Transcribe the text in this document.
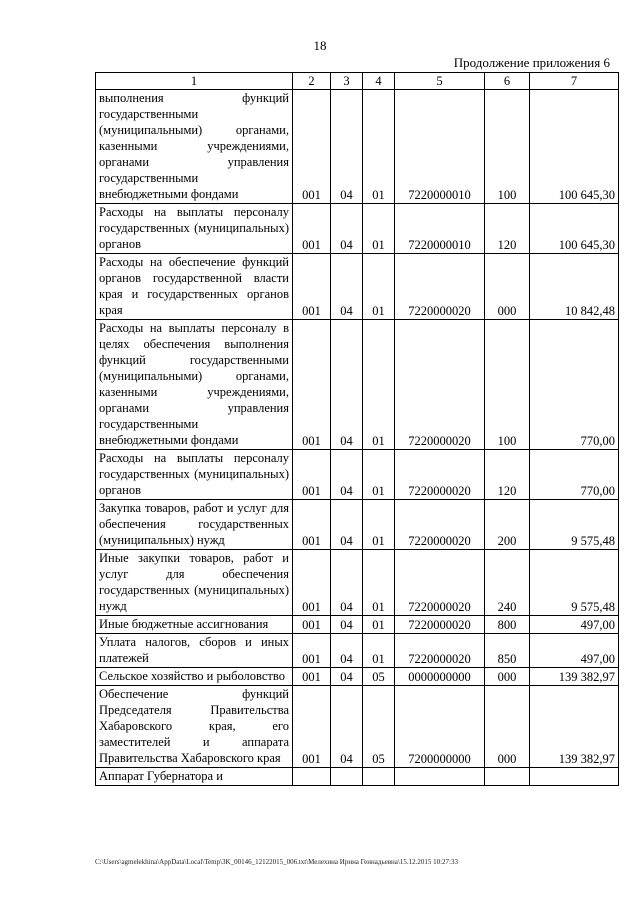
18
Продолжение приложения 6
1	2	3	4	5	6	7
выполнения функций государственными (муниципальными) органами, казенными учреждениями, органами управления государственными внебюджетными фондами	001	04	01	7220000010	100	100 645,30
Расходы на выплаты персоналу государственных (муниципальных) органов	001	04	01	7220000010	120	100 645,30
Расходы на обеспечение функций органов государственной власти края и государственных органов края	001	04	01	7220000020	000	10 842,48
Расходы на выплаты персоналу в целях обеспечения выполнения функций государственными (муниципальными) органами, казенными учреждениями, органами управления государственными внебюджетными фондами	001	04	01	7220000020	100	770,00
Расходы на выплаты персоналу государственных (муниципальных) органов	001	04	01	7220000020	120	770,00
Закупка товаров, работ и услуг для обеспечения государственных (муниципальных) нужд	001	04	01	7220000020	200	9 575,48
Иные закупки товаров, работ и услуг для обеспечения государственных (муниципальных) нужд	001	04	01	7220000020	240	9 575,48
Иные бюджетные ассигнования	001	04	01	7220000020	800	497,00
Уплата налогов, сборов и иных платежей	001	04	01	7220000020	850	497,00
Сельское хозяйство и рыболовство	001	04	05	0000000000	000	139 382,97
Обеспечение функций Председателя Правительства Хабаровского края, его заместителей и аппарата Правительства Хабаровского края	001	04	05	7200000000	000	139 382,97
Аппарат Губернатора и						
C:\Users\agmelekhina\AppData\Local\Temp\3K_00146_12122015_006.txt\Мелехина Ирина Геннадьевна\15.12.2015 10:27:33
